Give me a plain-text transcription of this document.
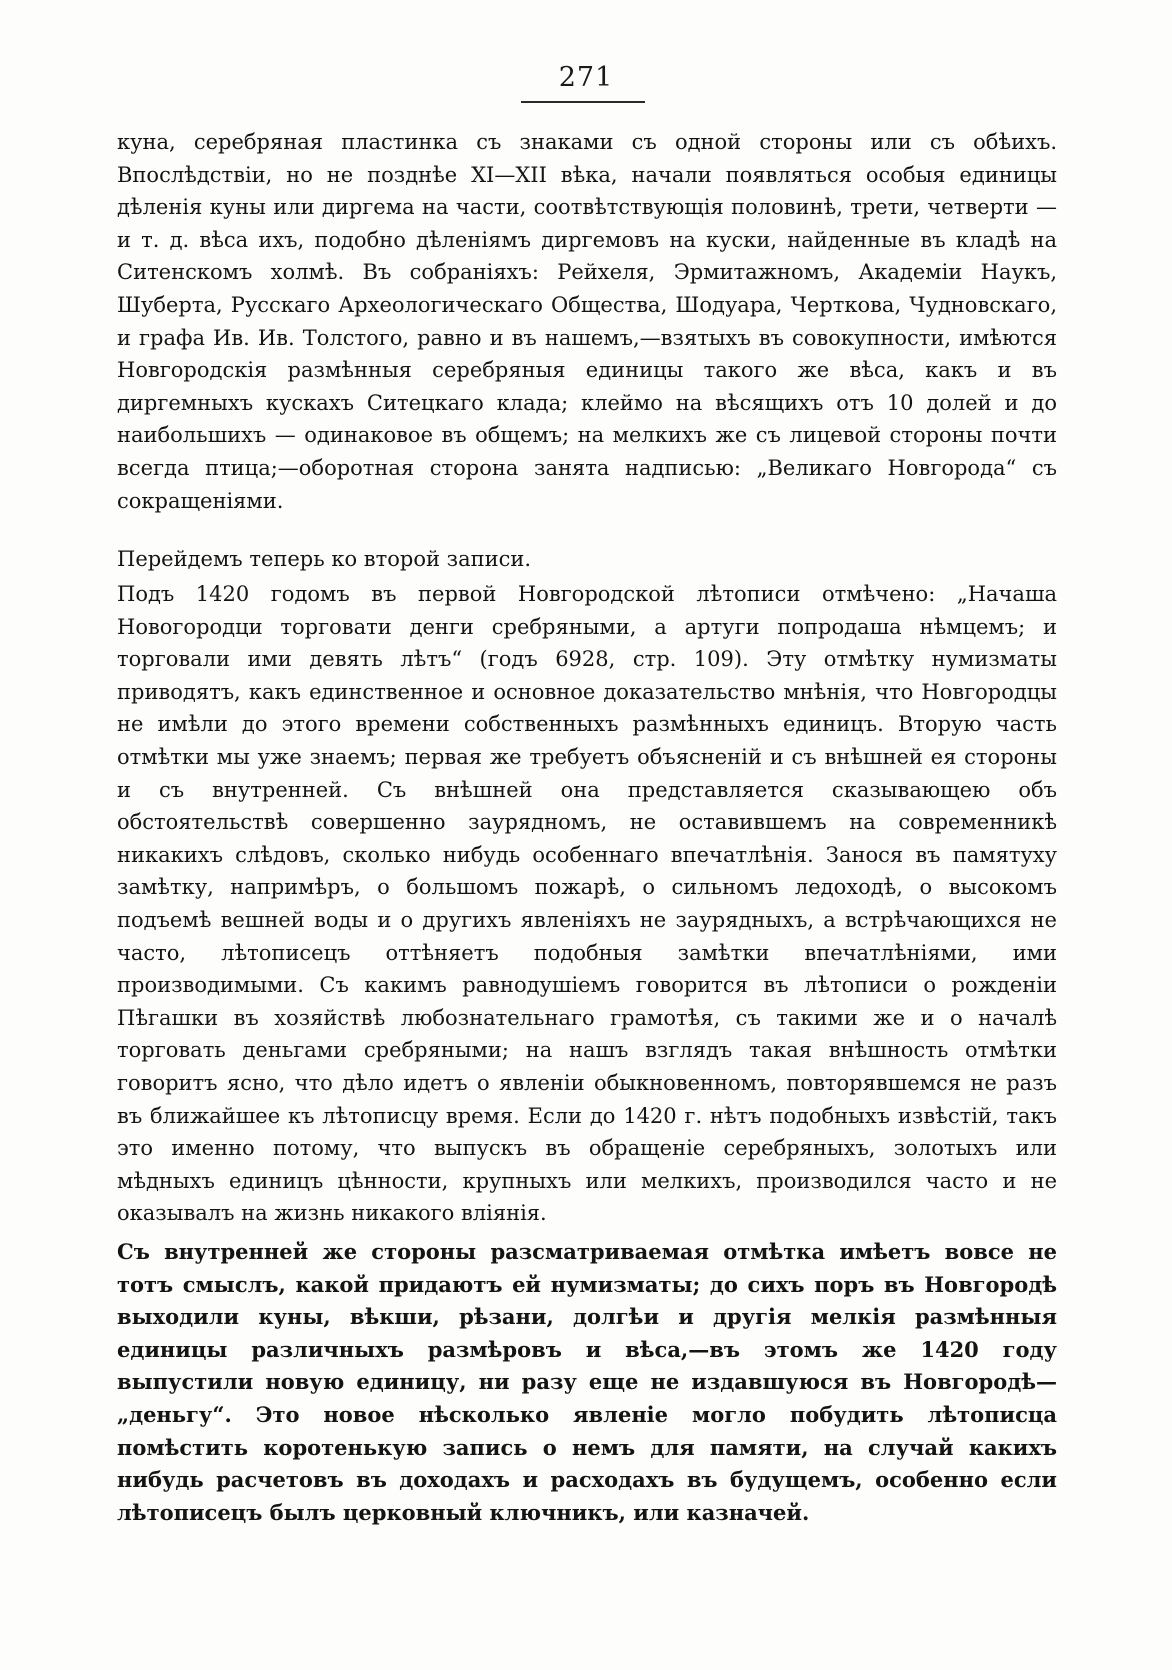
271
куна, серебряная пластинка съ знаками съ одной стороны или съ обѣихъ. Впослѣдствіи, но не позднѣе XI—XII вѣка, начали появляться особыя единицы дѣленія куны или диргема на части, соотвѣтствующія половинѣ, трети, четверти — и т. д. вѣса ихъ, подобно дѣленіямъ диргемовъ на куски, найденные въ кладѣ на Ситенскомъ холмѣ. Въ собраніяхъ: Рейхеля, Эрмитажномъ, Академіи Наукъ, Шуберта, Русскаго Археологическаго Общества, Шодуара, Черткова, Чудновскаго, и графа Ив. Ив. Толстого, равно и въ нашемъ,—взятыхъ въ совокупности, имѣются Новгородскія размѣнныя серебряныя единицы такого же вѣса, какъ и въ диргемныхъ кускахъ Ситецкаго клада; клеймо на вѣсящихъ отъ 10 долей и до наибольшихъ — одинаковое въ общемъ; на мелкихъ же съ лицевой стороны почти всегда птица;—оборотная сторона занята надписью: „Великаго Новгорода“ съ сокращеніями.
Перейдемъ теперь ко второй записи.
Подъ 1420 годомъ въ первой Новгородской лѣтописи отмѣчено: „Начаша Новогородци торговати денги сребряными, а артуги попродаша нѣмцемъ; и торговали ими девять лѣтъ“ (годъ 6928, стр. 109). Эту отмѣтку нумизматы приводятъ, какъ единственное и основное доказательство мнѣнія, что Новгородцы не имѣли до этого времени собственныхъ размѣнныхъ единицъ. Вторую часть отмѣтки мы уже знаемъ; первая же требуетъ объясненій и съ внѣшней ея стороны и съ внутренней. Съ внѣшней она представляется сказывающею объ обстоятельствѣ совершенно заурядномъ, не оставившемъ на современникѣ никакихъ слѣдовъ, сколько нибудь особеннаго впечатлѣнія. Занося въ памятуху замѣтку, напримѣръ, о большомъ пожарѣ, о сильномъ ледоходѣ, о высокомъ подъемѣ вешней воды и о другихъ явленіяхъ не заурядныхъ, а встрѣчающихся не часто, лѣтописецъ оттѣняетъ подобныя замѣтки впечатлѣніями, ими производимыми. Съ какимъ равнодушіемъ говорится въ лѣтописи о рожденіи Пѣгашки въ хозяйствѣ любознательнаго грамотѣя, съ такими же и о началѣ торговать деньгами сребряными; на нашъ взглядъ такая внѣшность отмѣтки говоритъ ясно, что дѣло идетъ о явленіи обыкновенномъ, повторявшемся не разъ въ ближайшее къ лѣтописцу время. Если до 1420 г. нѣтъ подобныхъ извѣстій, такъ это именно потому, что выпускъ въ обращеніе серебряныхъ, золотыхъ или мѣдныхъ единицъ цѣнности, крупныхъ или мелкихъ, производился часто и не оказывалъ на жизнь никакого вліянія.
Съ внутренней же стороны разсматриваемая отмѣтка имѣетъ вовсе не тотъ смыслъ, какой придаютъ ей нумизматы; до сихъ поръ въ Новгородѣ выходили куны, вѣкши, рѣзани, долгѣи и другія мелкія размѣнныя единицы различныхъ размѣровъ и вѣса,—въ этомъ же 1420 году выпустили новую единицу, ни разу еще не издавшуюся въ Новгородѣ—„деньгу“. Это новое нѣсколько явленіе могло побудить лѣтописца помѣстить коротенькую запись о немъ для памяти, на случай какихъ нибудь расчетовъ въ доходахъ и расходахъ въ будущемъ, особенно если лѣтописецъ былъ церковный ключникъ, или казначей.
